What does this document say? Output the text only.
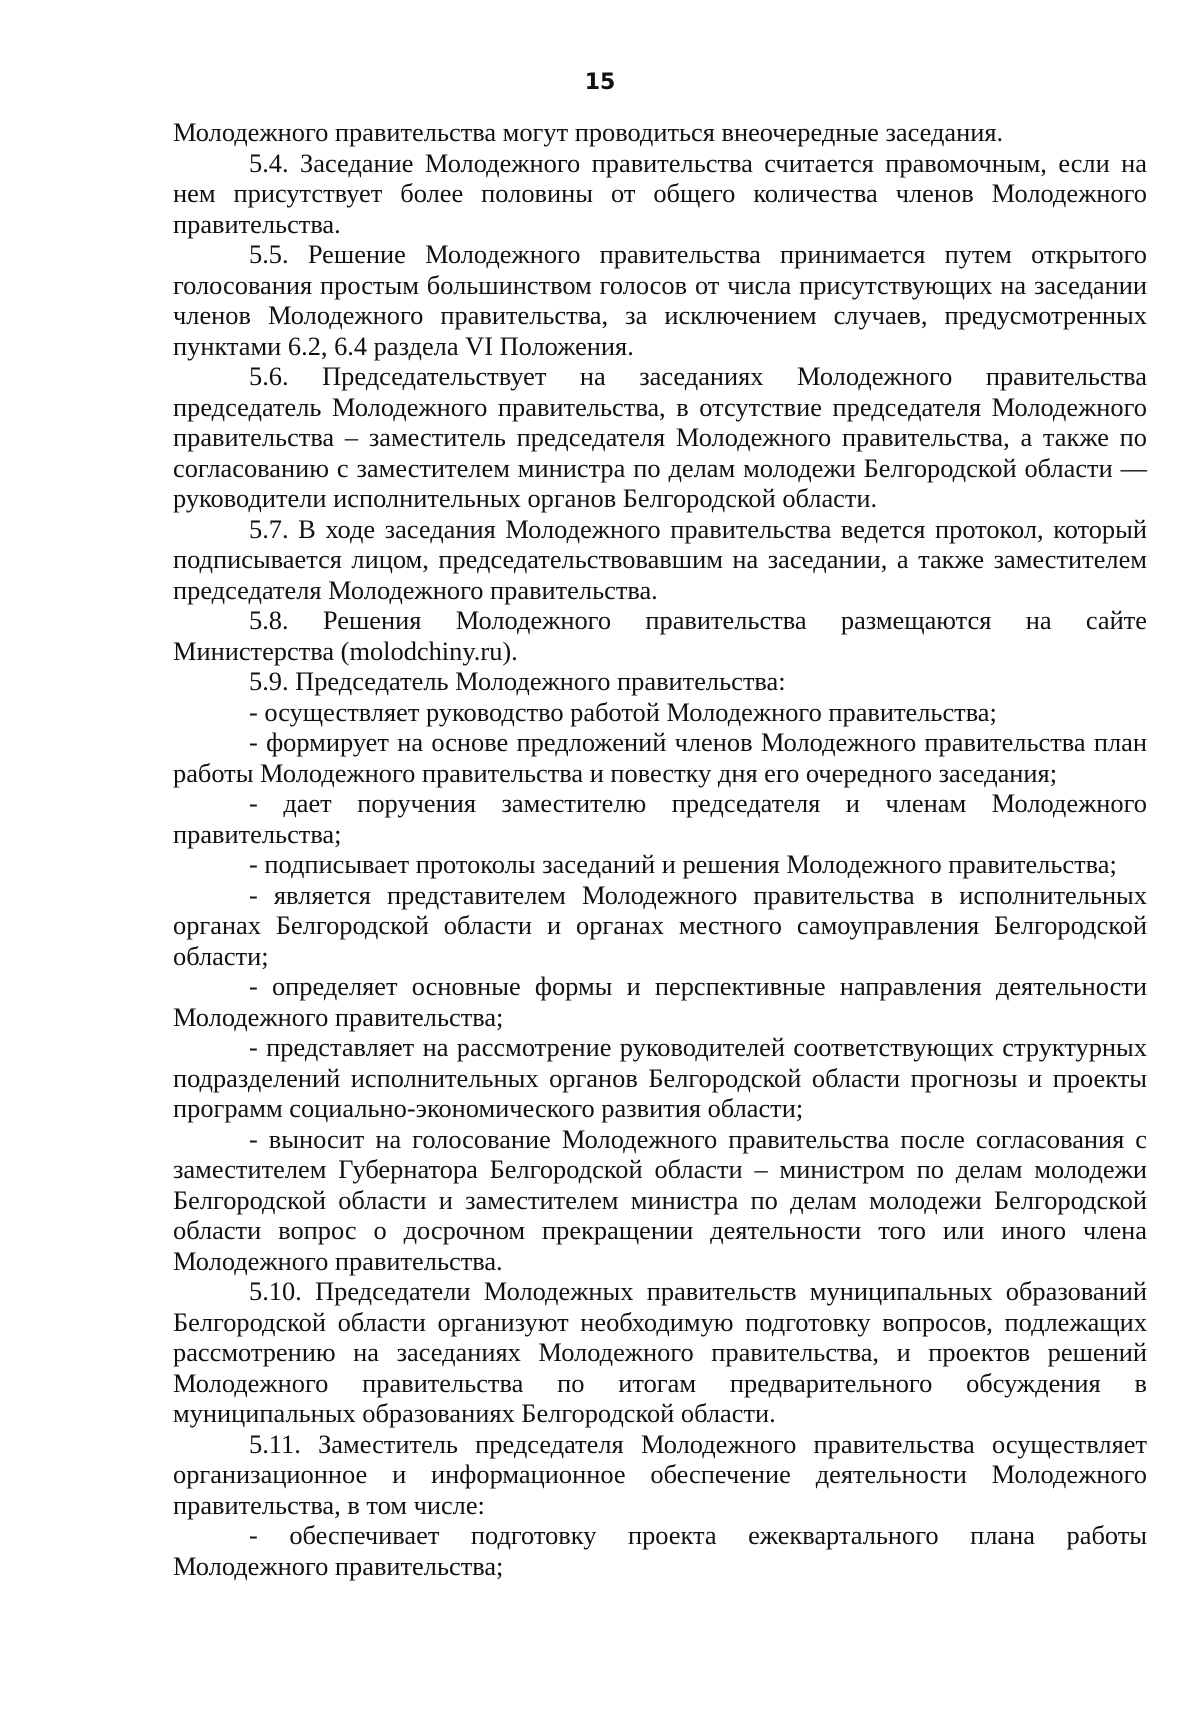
15

Молодежного правительства могут проводиться внеочередные заседания.

5.4. Заседание Молодежного правительства считается правомочным, если на нем присутствует более половины от общего количества членов Молодежного правительства.

5.5. Решение Молодежного правительства принимается путем открытого голосования простым большинством голосов от числа присутствующих на заседании членов Молодежного правительства, за исключением случаев, предусмотренных пунктами 6.2, 6.4 раздела VI Положения.

5.6. Председательствует на заседаниях Молодежного правительства председатель Молодежного правительства, в отсутствие председателя Молодежного правительства – заместитель председателя Молодежного правительства, а также по согласованию с заместителем министра по делам молодежи Белгородской области — руководители исполнительных органов Белгородской области.

5.7. В ходе заседания Молодежного правительства ведется протокол, который подписывается лицом, председательствовавшим на заседании, а также заместителем председателя Молодежного правительства.

5.8. Решения Молодежного правительства размещаются на сайте Министерства (molodchiny.ru).

5.9. Председатель Молодежного правительства:

- осуществляет руководство работой Молодежного правительства;

- формирует на основе предложений членов Молодежного правительства план работы Молодежного правительства и повестку дня его очередного заседания;

- дает поручения заместителю председателя и членам Молодежного правительства;

- подписывает протоколы заседаний и решения Молодежного правительства;

- является представителем Молодежного правительства в исполнительных органах Белгородской области и органах местного самоуправления Белгородской области;

- определяет основные формы и перспективные направления деятельности Молодежного правительства;

- представляет на рассмотрение руководителей соответствующих структурных подразделений исполнительных органов Белгородской области прогнозы и проекты программ социально-экономического развития области;

- выносит на голосование Молодежного правительства после согласования с заместителем Губернатора Белгородской области – министром по делам молодежи Белгородской области и заместителем министра по делам молодежи Белгородской области вопрос о досрочном прекращении деятельности того или иного члена Молодежного правительства.

5.10. Председатели Молодежных правительств муниципальных образований Белгородской области организуют необходимую подготовку вопросов, подлежащих рассмотрению на заседаниях Молодежного правительства, и проектов решений Молодежного правительства по итогам предварительного обсуждения в муниципальных образованиях Белгородской области.

5.11. Заместитель председателя Молодежного правительства осуществляет организационное и информационное обеспечение деятельности Молодежного правительства, в том числе:

- обеспечивает подготовку проекта ежеквартального плана работы Молодежного правительства;
